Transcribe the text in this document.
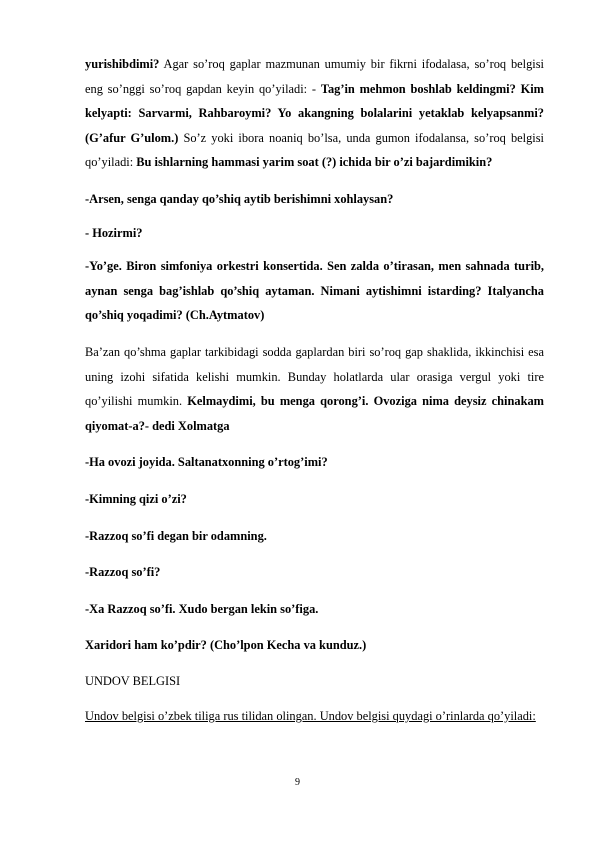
yurishibdimi? Agar so’roq gaplar mazmunan umumiy bir fikrni ifodalasa, so’roq belgisi eng so’nggi so’roq gapdan keyin qo’yiladi: - Tag’in mehmon boshlab keldingmi? Kim kelyapti: Sarvarmi, Rahbaroymi? Yo akangning bolalarini yetaklab kelyapsanmi? (G’afur G’ulom.) So’z yoki ibora noaniq bo’lsa, unda gumon ifodalansa, so’roq belgisi qo’yiladi: Bu ishlarning hammasi yarim soat (?) ichida bir o’zi bajardimikin?

-Arsen, senga qanday qo’shiq aytib berishimni xohlaysan?

- Hozirmi?

-Yo’ge. Biron simfoniya orkestri konsertida. Sen zalda o’tirasan, men sahnada turib, aynan senga bag’ishlab qo’shiq aytaman. Nimani aytishimni istarding? Italyancha qo’shiq yoqadimi? (Ch.Aytmatov)

Ba’zan qo’shma gaplar tarkibidagi sodda gaplardan biri so’roq gap shaklida, ikkinchisi esa uning izohi sifatida kelishi mumkin. Bunday holatlarda ular orasiga vergul yoki tire qo’yilishi mumkin. Kelmaydimi, bu menga qorong’i. Ovoziga nima deysiz chinakam qiyomat-a?- dedi Xolmatga

-Ha ovozi joyida. Saltanatxonning o’rtog’imi?

-Kimning qizi o’zi?

-Razzoq so’fi degan bir odamning.

-Razzoq so’fi?

-Xa Razzoq so’fi. Xudo bergan lekin so’figa.

Xaridori ham ko’pdir? (Cho’lpon Kecha va kunduz.)

UNDOV BELGISI

Undov belgisi o’zbek tiliga rus tilidan olingan. Undov belgisi quydagi o’rinlarda qo’yiladi:

9
